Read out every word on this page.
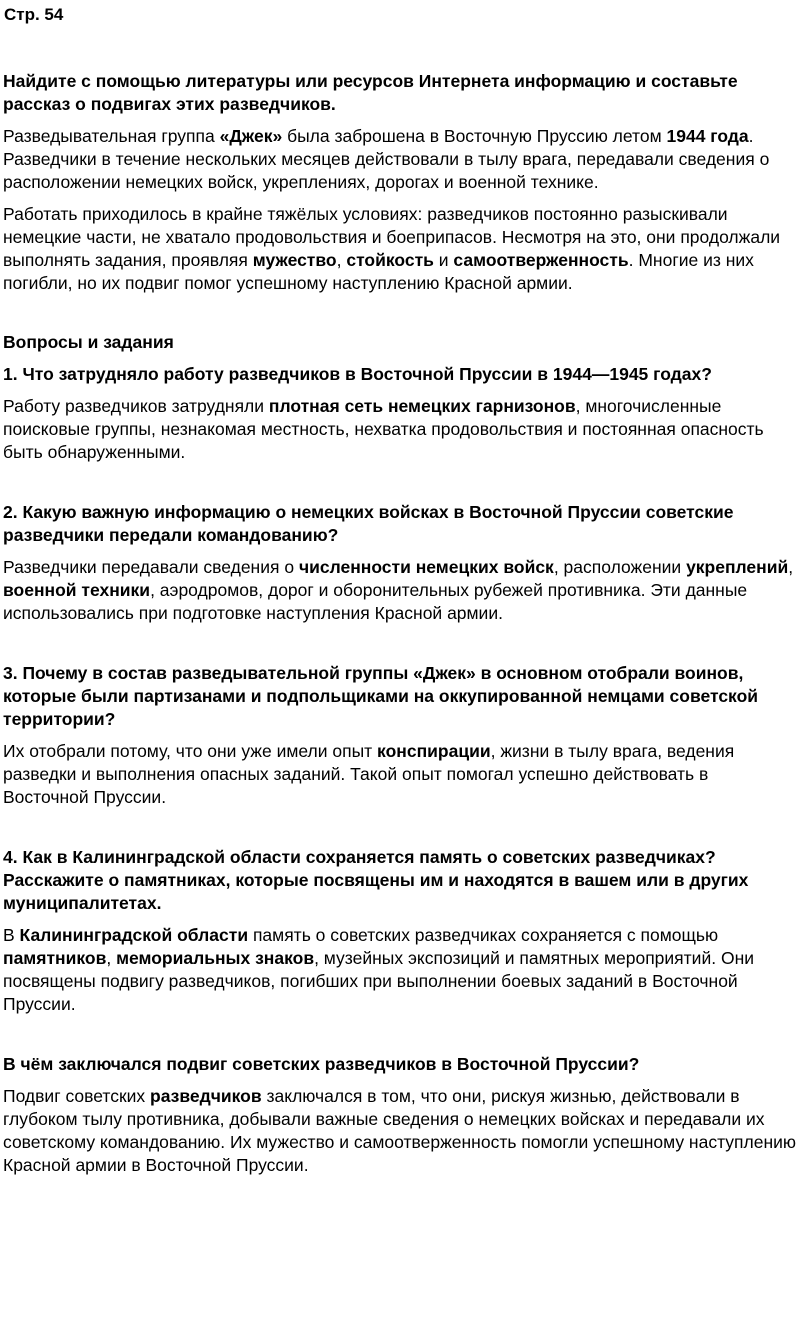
Стр. 54

Найдите с помощью литературы или ресурсов Интернета информацию и составьте рассказ о подвигах этих разведчиков.

Разведывательная группа «Джек» была заброшена в Восточную Пруссию летом 1944 года. Разведчики в течение нескольких месяцев действовали в тылу врага, передавали сведения о расположении немецких войск, укреплениях, дорогах и военной технике.

Работать приходилось в крайне тяжёлых условиях: разведчиков постоянно разыскивали немецкие части, не хватало продовольствия и боеприпасов. Несмотря на это, они продолжали выполнять задания, проявляя мужество, стойкость и самоотверженность. Многие из них погибли, но их подвиг помог успешному наступлению Красной армии.

Вопросы и задания

1. Что затрудняло работу разведчиков в Восточной Пруссии в 1944—1945 годах?

Работу разведчиков затрудняли плотная сеть немецких гарнизонов, многочисленные поисковые группы, незнакомая местность, нехватка продовольствия и постоянная опасность быть обнаруженными.

2. Какую важную информацию о немецких войсках в Восточной Пруссии советские разведчики передали командованию?

Разведчики передавали сведения о численности немецких войск, расположении укреплений, военной техники, аэродромов, дорог и оборонительных рубежей противника. Эти данные использовались при подготовке наступления Красной армии.

3. Почему в состав разведывательной группы «Джек» в основном отобрали воинов, которые были партизанами и подпольщиками на оккупированной немцами советской территории?

Их отобрали потому, что они уже имели опыт конспирации, жизни в тылу врага, ведения разведки и выполнения опасных заданий. Такой опыт помогал успешно действовать в Восточной Пруссии.

4. Как в Калининградской области сохраняется память о советских разведчиках? Расскажите о памятниках, которые посвящены им и находятся в вашем или в других муниципалитетах.

В Калининградской области память о советских разведчиках сохраняется с помощью памятников, мемориальных знаков, музейных экспозиций и памятных мероприятий. Они посвящены подвигу разведчиков, погибших при выполнении боевых заданий в Восточной Пруссии.

В чём заключался подвиг советских разведчиков в Восточной Пруссии?

Подвиг советских разведчиков заключался в том, что они, рискуя жизнью, действовали в глубоком тылу противника, добывали важные сведения о немецких войсках и передавали их советскому командованию. Их мужество и самоотверженность помогли успешному наступлению Красной армии в Восточной Пруссии.
